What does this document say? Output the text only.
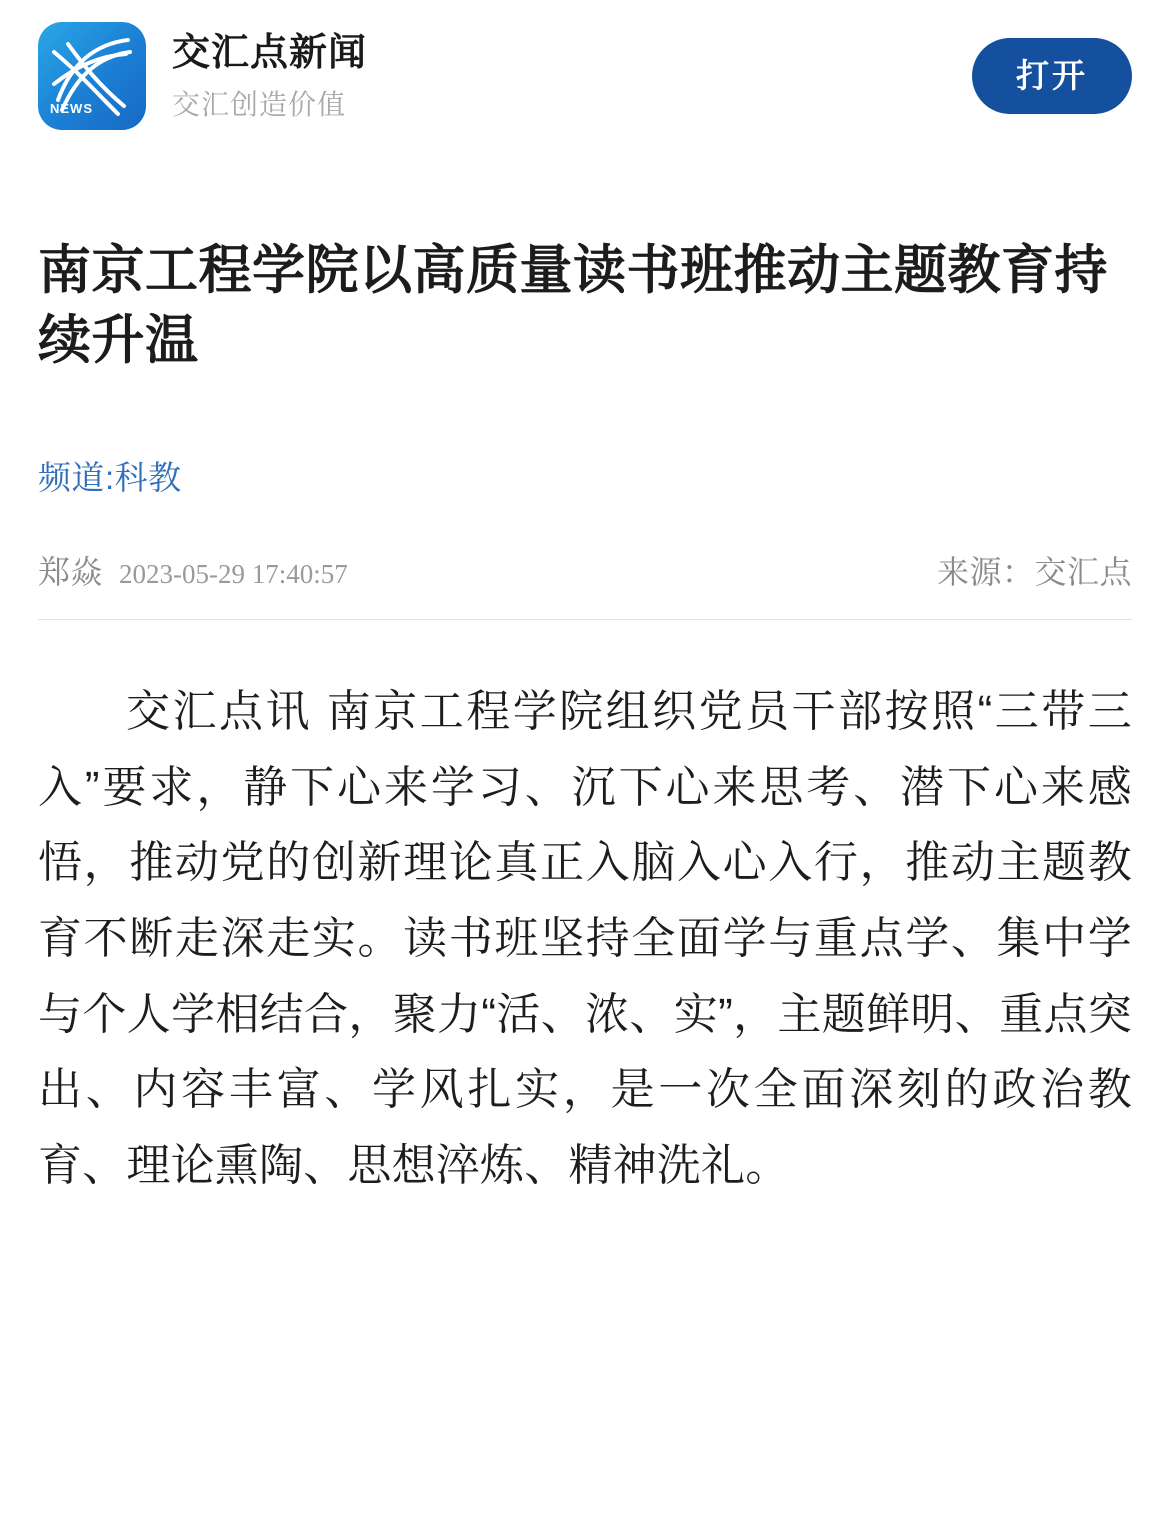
NEWS
交汇点新闻
交汇创造价值
打开
南京工程学院以高质量读书班推动主题教育持续升温
频道:科教
郑焱 2023-05-29 17:40:57	来源：交汇点

交汇点讯 南京工程学院组织党员干部按照“三带三入”要求，静下心来学习、沉下心来思考、潜下心来感悟，推动党的创新理论真正入脑入心入行，推动主题教育不断走深走实。读书班坚持全面学与重点学、集中学与个人学相结合，聚力“活、浓、实”，主题鲜明、重点突出、内容丰富、学风扎实，是一次全面深刻的政治教育、理论熏陶、思想淬炼、精神洗礼。
